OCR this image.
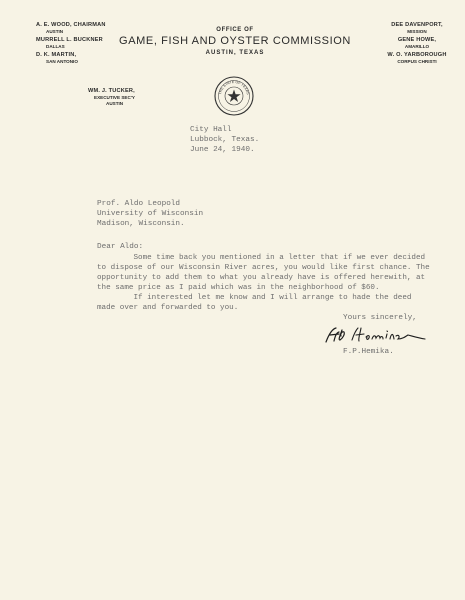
A. E. WOOD, CHAIRMAN
AUSTIN
MURRELL L. BUCKNER
DALLAS
D. K. MARTIN,
SAN ANTONIO
OFFICE OF
GAME, FISH AND OYSTER COMMISSION
AUSTIN, TEXAS
DEE DAVENPORT,
MISSION
GENE HOWE,
AMARILLO
W. O. YARBOROUGH
CORPUS CHRISTI
WM. J. TUCKER,
EXECUTIVE SEC'Y
AUSTIN
THE STATE OF TEXAS
City Hall
Lubbock, Texas.
June 24, 1940.
Prof. Aldo Leopold
University of Wisconsin
Madison, Wisconsin.
Dear Aldo:
Some time back you mentioned in a letter that if we ever decided
to dispose of our Wisconsin River acres, you would like first chance. The
opportunity to add them to what you already have is offered herewith, at
the same price as I paid which was in the neighborhood of $60.
If interested let me know and I will arrange to hade the deed
made over and forwarded to you.
Yours sincerely,
F.P.Hemika.
